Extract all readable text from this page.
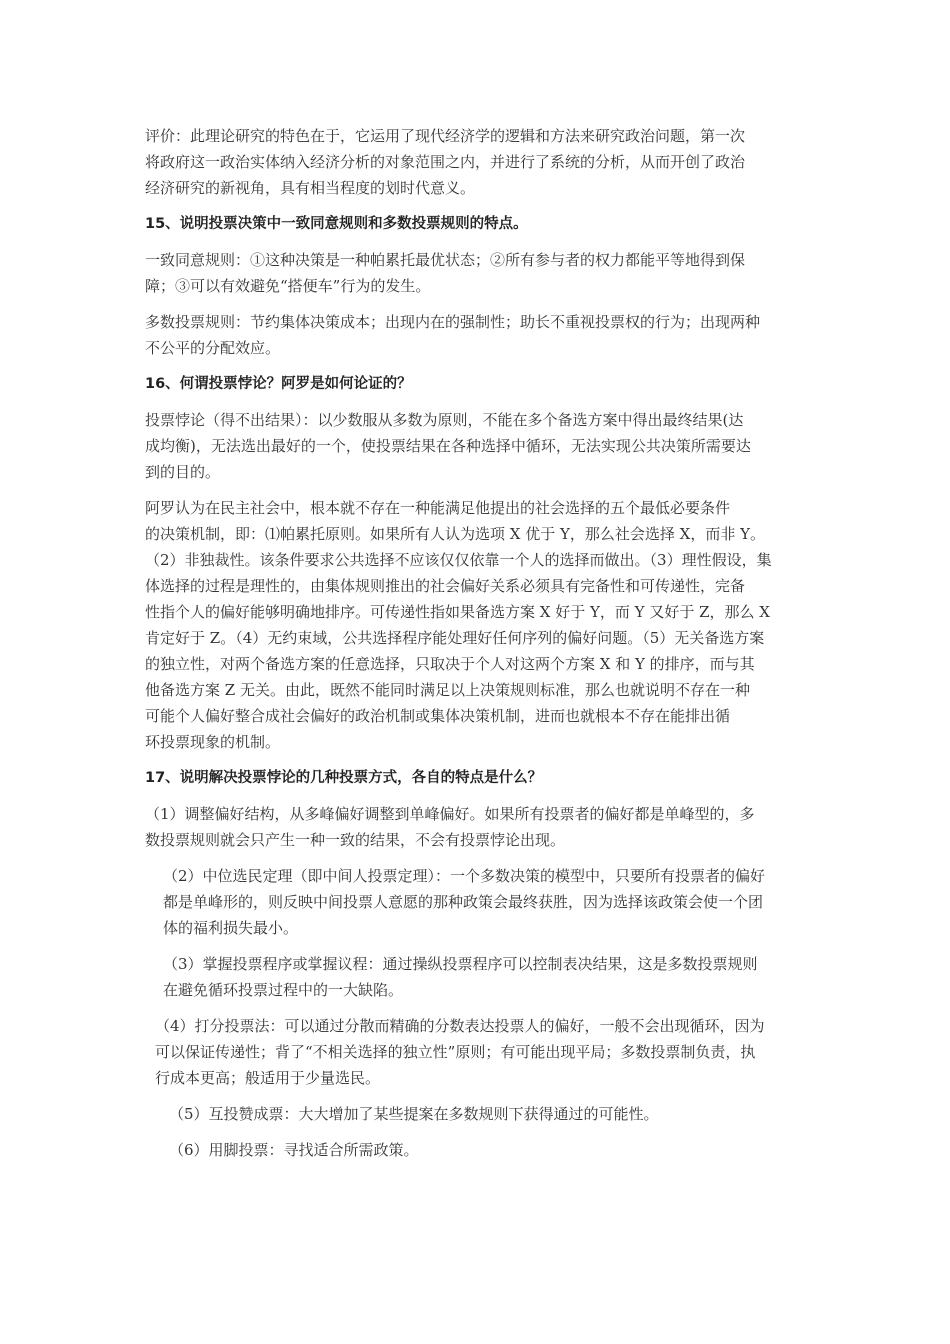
评价：此理论研究的特色在于，它运用了现代经济学的逻辑和方法来研究政治问题，第一次
将政府这一政治实体纳入经济分析的对象范围之内，并进行了系统的分析，从而开创了政治
经济研究的新视角，具有相当程度的划时代意义。
15、说明投票决策中一致同意规则和多数投票规则的特点。
一致同意规则：①这种决策是一种帕累托最优状态；②所有参与者的权力都能平等地得到保
障；③可以有效避免“搭便车”行为的发生。
多数投票规则：节约集体决策成本；出现内在的强制性；助长不重视投票权的行为；出现两种
不公平的分配效应。
16、何谓投票悖论？阿罗是如何论证的？
投票悖论（得不出结果）：以少数服从多数为原则，不能在多个备选方案中得出最终结果(达
成均衡)，无法选出最好的一个，使投票结果在各种选择中循环，无法实现公共决策所需要达
到的目的。
阿罗认为在民主社会中，根本就不存在一种能满足他提出的社会选择的五个最低必要条件
的决策机制，即：⑴帕累托原则。如果所有人认为选项 X 优于 Y，那么社会选择 X，而非 Y。
（2）非独裁性。该条件要求公共选择不应该仅仅依靠一个人的选择而做出。（3）理性假设，集
体选择的过程是理性的，由集体规则推出的社会偏好关系必须具有完备性和可传递性，完备
性指个人的偏好能够明确地排序。可传递性指如果备选方案 X 好于 Y，而 Y 又好于 Z，那么 X
肯定好于 Z。（4）无约束域，公共选择程序能处理好任何序列的偏好问题。（5）无关备选方案
的独立性，对两个备选方案的任意选择，只取决于个人对这两个方案 X 和 Y 的排序，而与其
他备选方案 Z 无关。由此，既然不能同时满足以上决策规则标准，那么也就说明不存在一种
可能个人偏好整合成社会偏好的政治机制或集体决策机制，进而也就根本不存在能排出循
环投票现象的机制。
17、说明解决投票悖论的几种投票方式，各自的特点是什么？
（1）调整偏好结构，从多峰偏好调整到单峰偏好。如果所有投票者的偏好都是单峰型的，多
数投票规则就会只产生一种一致的结果，不会有投票悖论出现。
（2）中位选民定理（即中间人投票定理）：一个多数决策的模型中，只要所有投票者的偏好
都是单峰形的，则反映中间投票人意愿的那种政策会最终获胜，因为选择该政策会使一个团
体的福利损失最小。
（3）掌握投票程序或掌握议程：通过操纵投票程序可以控制表决结果，这是多数投票规则
在避免循环投票过程中的一大缺陷。
（4）打分投票法：可以通过分散而精确的分数表达投票人的偏好，一般不会出现循环，因为
可以保证传递性；背了“不相关选择的独立性”原则；有可能出现平局；多数投票制负责，执
行成本更高；般适用于少量选民。
（5）互投赞成票：大大增加了某些提案在多数规则下获得通过的可能性。
（6）用脚投票：寻找适合所需政策。
